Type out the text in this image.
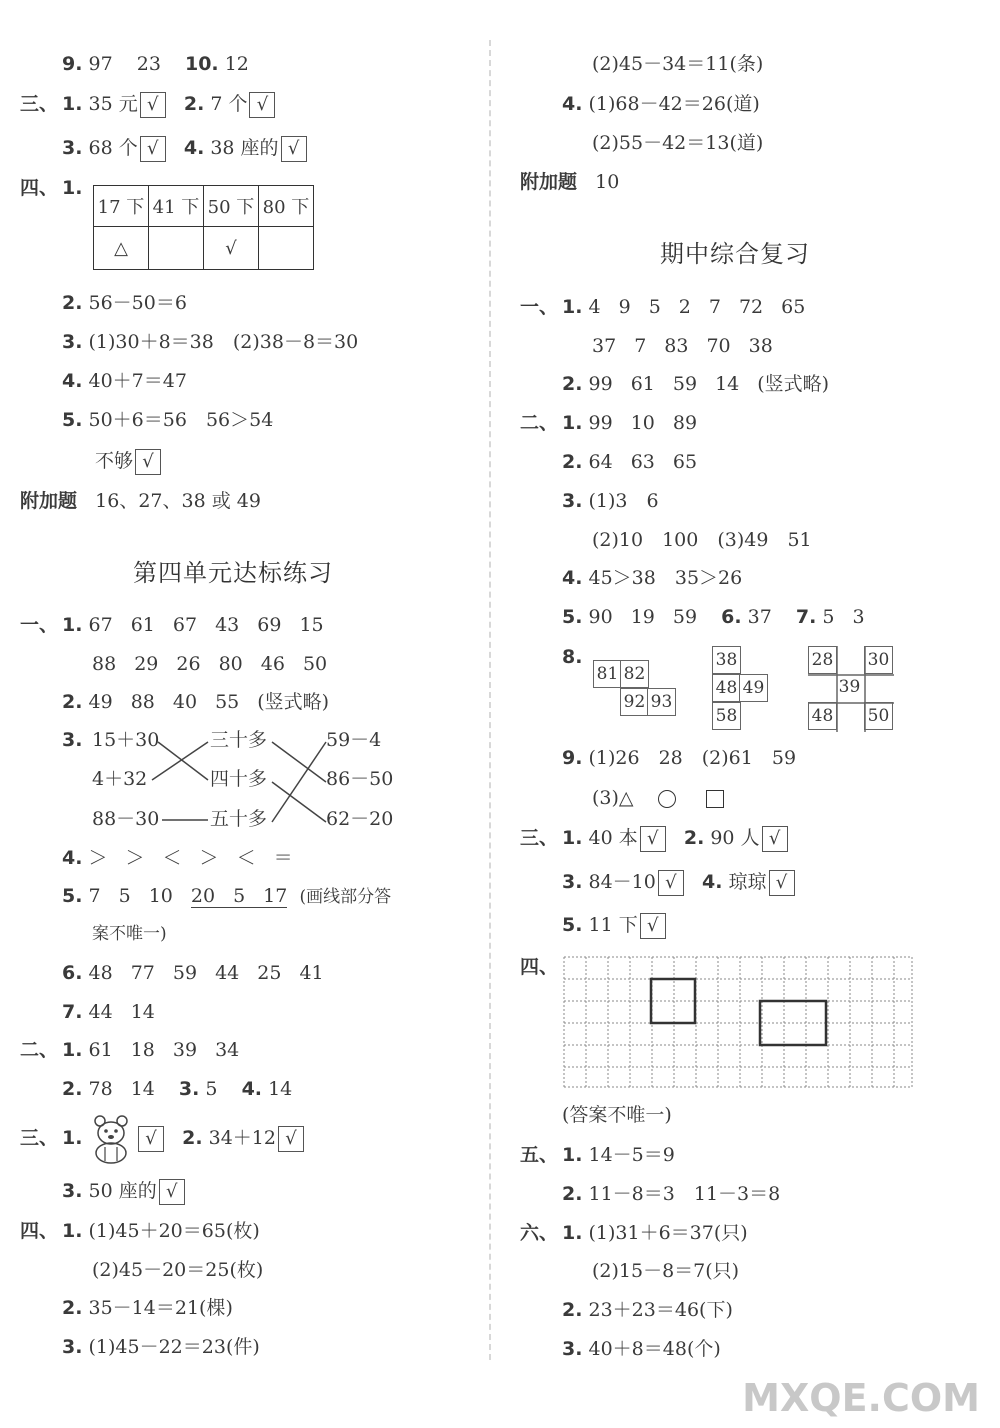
9. 97 23 10. 12
三、 1. 35 元 √ 2. 7 个 √
3. 68 个 √ 4. 38 座的 √
四、 1.
17 下	41 下	50 下	80 下
△		√	
2. 56－50＝6
3. (1)30＋8＝38　(2)38－8＝30
4. 40＋7＝47
5. 50＋6＝56　56＞54
不够 √
附加题 16、27、38 或 49
第四单元达标练习
一、 1. 67 61 67 43 69 15
88 29 26 80 46 50
2. 49 88 40 55 (竖式略)
3. 15＋30
4＋32
88－30
三十多
四十多
五十多
59－4
86－50
62－20
4. ＞ ＞ ＜ ＞ ＜ ＝
5. 7 5 10 20 5 17 (画线部分答
案不唯一)
6. 48 77 59 44 25 41
7. 44 14
二、 1. 61 18 39 34
2. 78 14 3. 5 4. 14
三、 1.	√ 2. 34＋12 √
3. 50 座的 √
四、 1. (1)45＋20＝65(枚)
(2)45－20＝25(枚)
2. 35－14＝21(棵)
3. (1)45－22＝23(件)
(2)45－34＝11(条)
4. (1)68－42＝26(道)
(2)55－42＝13(道)
附加题 10
期中综合复习
一、 1. 4 9 5 2 7 72 65
37 7 83 70 38
2. 99 61 59 14 (竖式略)
二、 1. 99 10 89
2. 64 63 65
3. (1)3　6
(2)10　100　(3)49　51
4. 45＞38　35＞26
5. 90 19 59 6. 37 7. 5 3
8.
81 82
92 93
38
48 49
58
28 30
39
48 50
9. (1)26　28　(2)61　59
(3)△
三、 1. 40 本 √ 2. 90 人 √
3. 84－10 √ 4. 琼琼 √
5. 11 下 √
四、
(答案不唯一)
五、 1. 14－5＝9
2. 11－8＝3　11－3＝8
六、 1. (1)31＋6＝37(只)
(2)15－8＝7(只)
2. 23＋23＝46(下)
3. 40＋8＝48(个)
MXQE.COM
